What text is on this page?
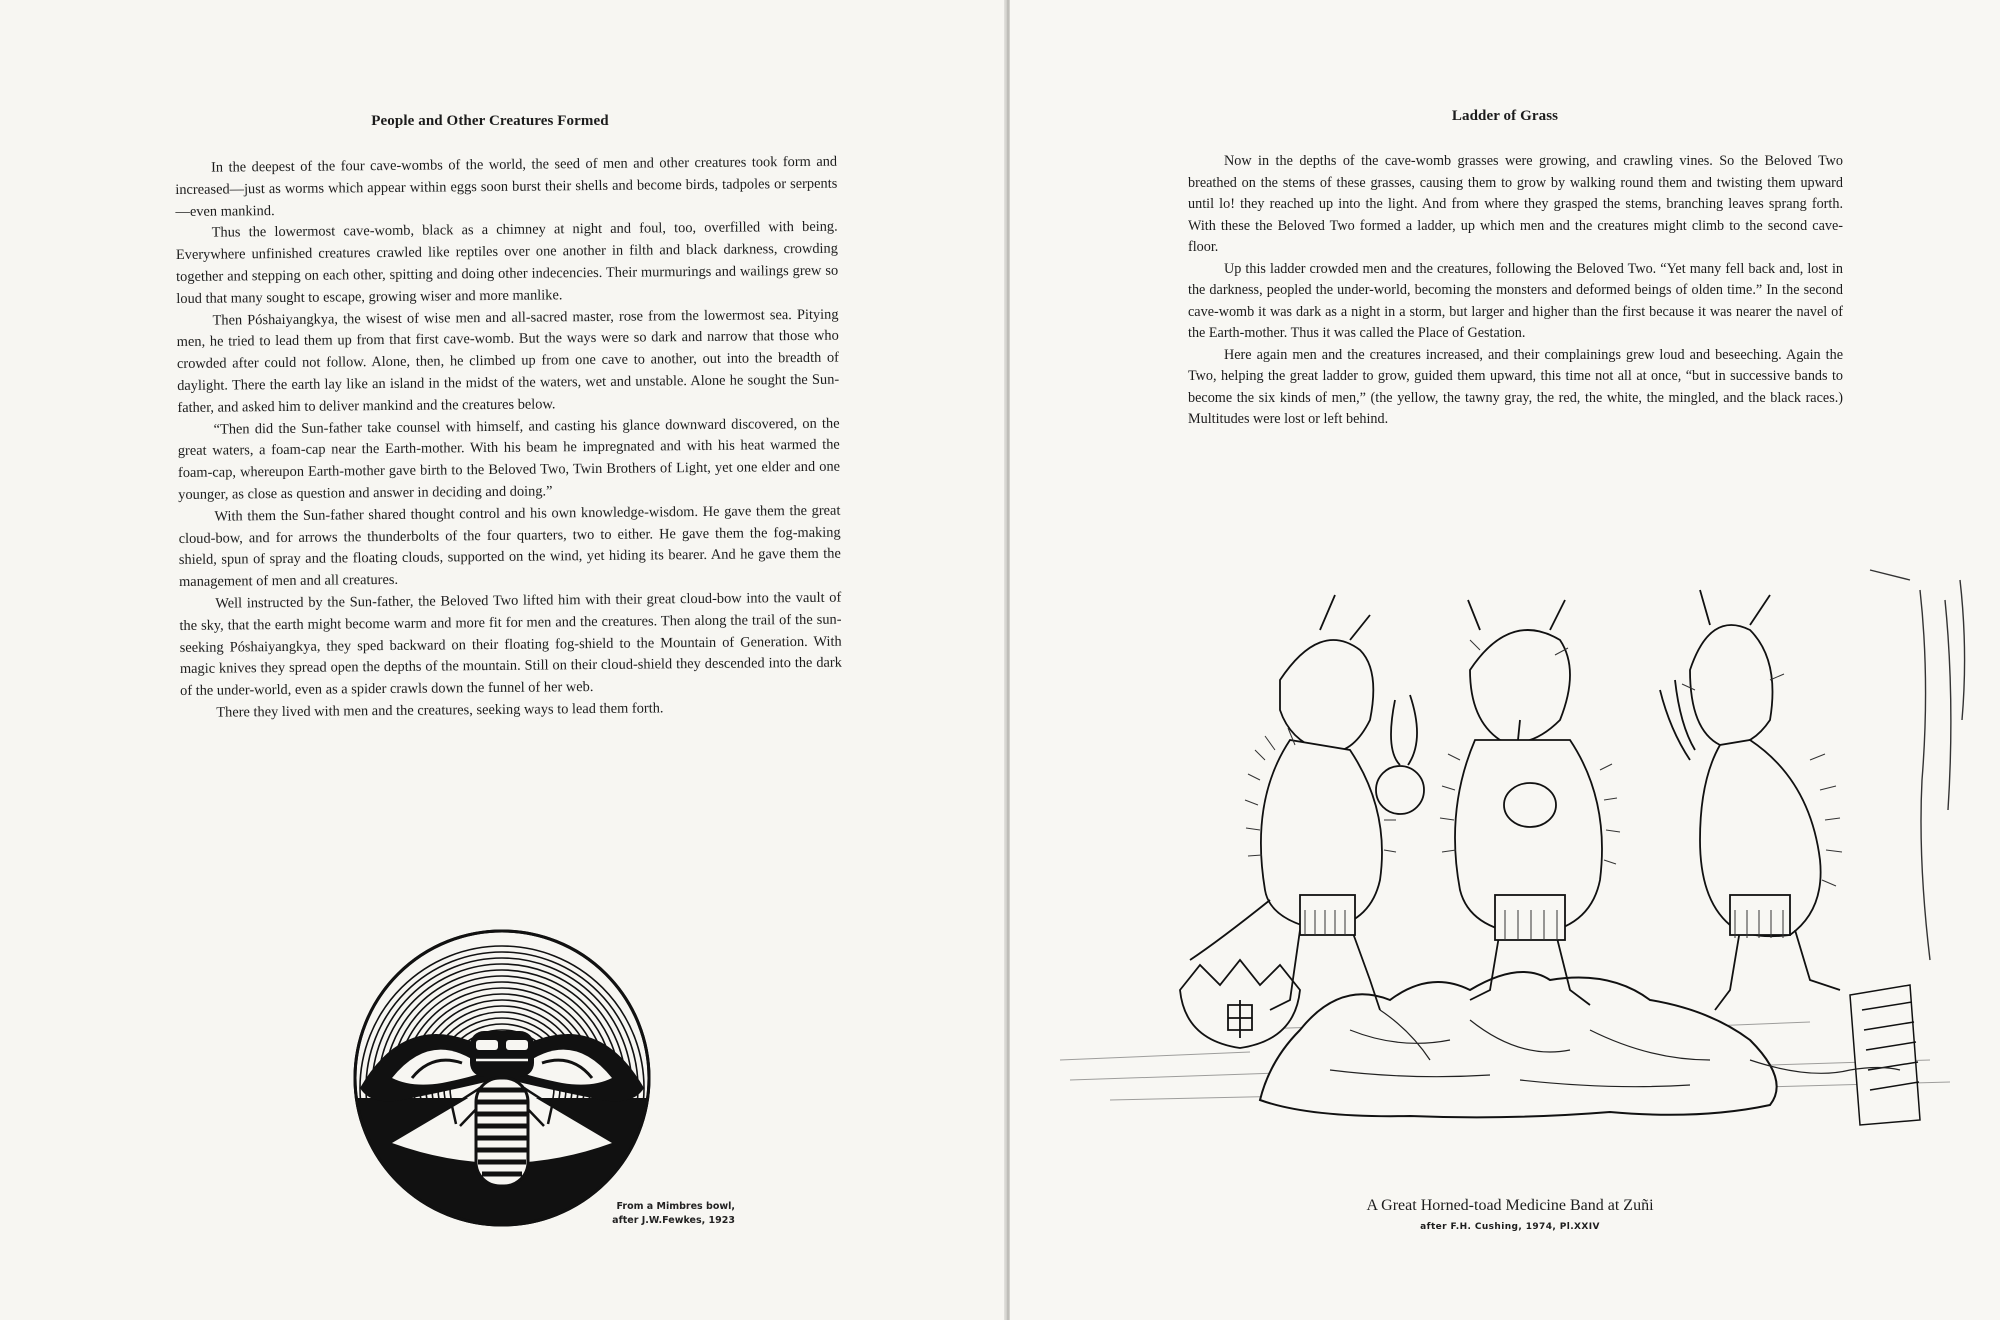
People and Other Creatures Formed

In the deepest of the four cave-wombs of the world, the seed of men and other creatures took form and increased—just as worms which appear within eggs soon burst their shells and become birds, tadpoles or serpents—even mankind.

Thus the lowermost cave-womb, black as a chimney at night and foul, too, overfilled with being. Everywhere unfinished creatures crawled like reptiles over one another in filth and black darkness, crowding together and stepping on each other, spitting and doing other indecencies. Their murmurings and wailings grew so loud that many sought to escape, growing wiser and more manlike.

Then Póshaiyangkya, the wisest of wise men and all-sacred master, rose from the lowermost sea. Pitying men, he tried to lead them up from that first cave-womb. But the ways were so dark and narrow that those who crowded after could not follow. Alone, then, he climbed up from one cave to another, out into the breadth of daylight. There the earth lay like an island in the midst of the waters, wet and unstable. Alone he sought the Sun-father, and asked him to deliver mankind and the creatures below.

“Then did the Sun-father take counsel with himself, and casting his glance downward discovered, on the great waters, a foam-cap near the Earth-mother. With his beam he impregnated and with his heat warmed the foam-cap, whereupon Earth-mother gave birth to the Beloved Two, Twin Brothers of Light, yet one elder and one younger, as close as question and answer in deciding and doing.”

With them the Sun-father shared thought control and his own knowledge-wisdom. He gave them the great cloud-bow, and for arrows the thunderbolts of the four quarters, two to either. He gave them the fog-making shield, spun of spray and the floating clouds, supported on the wind, yet hiding its bearer. And he gave them the management of men and all creatures.

Well instructed by the Sun-father, the Beloved Two lifted him with their great cloud-bow into the vault of the sky, that the earth might become warm and more fit for men and the creatures. Then along the trail of the sun-seeking Póshaiyangkya, they sped backward on their floating fog-shield to the Mountain of Generation. With magic knives they spread open the depths of the mountain. Still on their cloud-shield they descended into the dark of the under-world, even as a spider crawls down the funnel of her web.

There they lived with men and the creatures, seeking ways to lead them forth.

From a Mimbres bowl,
after J.W.Fewkes, 1923
Ladder of Grass

Now in the depths of the cave-womb grasses were growing, and crawling vines. So the Beloved Two breathed on the stems of these grasses, causing them to grow by walking round them and twisting them upward until lo! they reached up into the light. And from where they grasped the stems, branching leaves sprang forth. With these the Beloved Two formed a ladder, up which men and the creatures might climb to the second cave-floor.

Up this ladder crowded men and the creatures, following the Beloved Two. “Yet many fell back and, lost in the darkness, peopled the under-world, becoming the monsters and deformed beings of olden time.” In the second cave-womb it was dark as a night in a storm, but larger and higher than the first because it was nearer the navel of the Earth-mother. Thus it was called the Place of Gestation.

Here again men and the creatures increased, and their complainings grew loud and beseeching. Again the Two, helping the great ladder to grow, guided them upward, this time not all at once, “but in successive bands to become the six kinds of men,” (the yellow, the tawny gray, the red, the white, the mingled, and the black races.) Multitudes were lost or left behind.

A Great Horned-toad Medicine Band at Zuñi
after F.H. Cushing, 1974, Pl.XXIV
